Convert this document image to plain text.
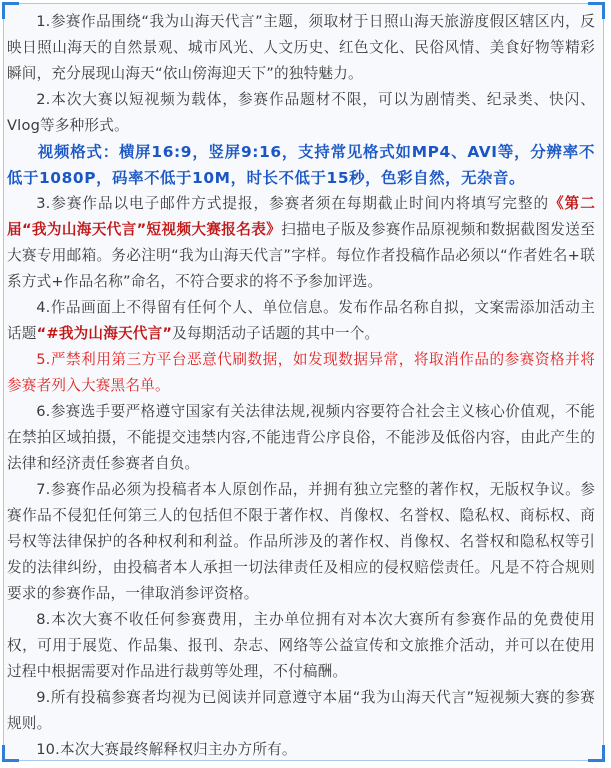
1.参赛作品围绕“我为山海天代言”主题，须取材于日照山海天旅游度假区辖区内，反映日照山海天的自然景观、城市风光、人文历史、红色文化、民俗风情、美食好物等精彩瞬间，充分展现山海天“依山傍海迎天下”的独特魅力。

2.本次大赛以短视频为载体，参赛作品题材不限，可以为剧情类、纪录类、快闪、Vlog等多种形式。

视频格式：横屏16:9，竖屏9:16，支持常见格式如MP4、AVI等，分辨率不低于1080P，码率不低于10M，时长不低于15秒，色彩自然，无杂音。

3.参赛作品以电子邮件方式提报，参赛者须在每期截止时间内将填写完整的《第二届“我为山海天代言”短视频大赛报名表》扫描电子版及参赛作品原视频和数据截图发送至大赛专用邮箱。务必注明“我为山海天代言”字样。每位作者投稿作品必须以“作者姓名+联系方式+作品名称”命名，不符合要求的将不予参加评选。

4.作品画面上不得留有任何个人、单位信息。发布作品名称自拟，文案需添加活动主话题“#我为山海天代言”及每期活动子话题的其中一个。

5.严禁利用第三方平台恶意代刷数据，如发现数据异常，将取消作品的参赛资格并将参赛者列入大赛黑名单。

6.参赛选手要严格遵守国家有关法律法规,视频内容要符合社会主义核心价值观，不能在禁拍区域拍摄，不能提交违禁内容,不能违背公序良俗，不能涉及低俗内容，由此产生的法律和经济责任参赛者自负。

7.参赛作品必须为投稿者本人原创作品，并拥有独立完整的著作权，无版权争议。参赛作品不侵犯任何第三人的包括但不限于著作权、肖像权、名誉权、隐私权、商标权、商号权等法律保护的各种权利和利益。作品所涉及的著作权、肖像权、名誉权和隐私权等引发的法律纠纷，由投稿者本人承担一切法律责任及相应的侵权赔偿责任。凡是不符合规则要求的参赛作品，一律取消参评资格。

8.本次大赛不收任何参赛费用，主办单位拥有对本次大赛所有参赛作品的免费使用权，可用于展览、作品集、报刊、杂志、网络等公益宣传和文旅推介活动，并可以在使用过程中根据需要对作品进行裁剪等处理，不付稿酬。

9.所有投稿参赛者均视为已阅读并同意遵守本届“我为山海天代言”短视频大赛的参赛规则。

10.本次大赛最终解释权归主办方所有。
